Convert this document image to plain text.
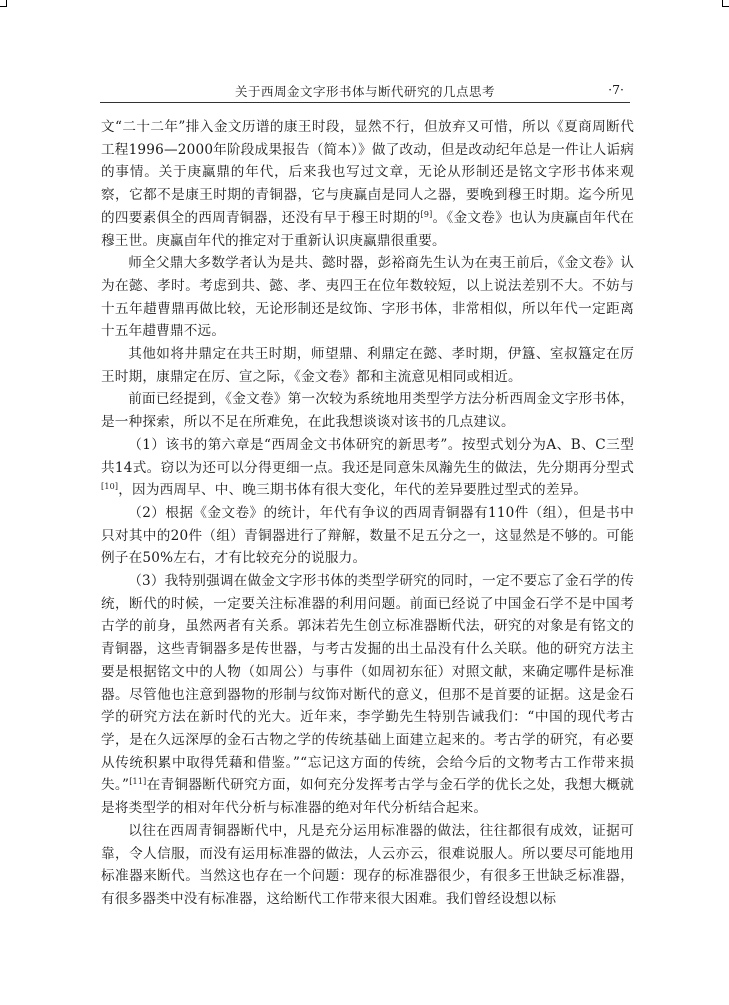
关于西周金文字形书体与断代研究的几点思考	·7·

文“二十二年”排入金文历谱的康王时段，显然不行，但放弃又可惜，所以《夏商周断代工程1996—2000年阶段成果报告（简本）》做了改动，但是改动纪年总是一件让人诟病的事情。关于庚赢鼎的年代，后来我也写过文章，无论从形制还是铭文字形书体来观察，它都不是康王时期的青铜器，它与庚赢卣是同人之器，要晚到穆王时期。迄今所见的四要素俱全的西周青铜器，还没有早于穆王时期的[9]。《金文卷》也认为庚赢卣年代在穆王世。庚赢卣年代的推定对于重新认识庚赢鼎很重要。

师全父鼎大多数学者认为是共、懿时器，彭裕商先生认为在夷王前后，《金文卷》认为在懿、孝时。考虑到共、懿、孝、夷四王在位年数较短，以上说法差别不大。不妨与十五年趞曹鼎再做比较，无论形制还是纹饰、字形书体，非常相似，所以年代一定距离十五年趞曹鼎不远。

其他如将井鼎定在共王时期，师望鼎、利鼎定在懿、孝时期，伊簋、室叔簋定在厉王时期，康鼎定在厉、宣之际，《金文卷》都和主流意见相同或相近。

前面已经提到，《金文卷》第一次较为系统地用类型学方法分析西周金文字形书体，是一种探索，所以不足在所难免，在此我想谈谈对该书的几点建议。

（1）该书的第六章是“西周金文书体研究的新思考”。按型式划分为A、B、C三型共14式。窃以为还可以分得更细一点。我还是同意朱凤瀚先生的做法，先分期再分型式[10]，因为西周早、中、晚三期书体有很大变化，年代的差异要胜过型式的差异。

（2）根据《金文卷》的统计，年代有争议的西周青铜器有110件（组），但是书中只对其中的20件（组）青铜器进行了辩解，数量不足五分之一，这显然是不够的。可能例子在50%左右，才有比较充分的说服力。

（3）我特别强调在做金文字形书体的类型学研究的同时，一定不要忘了金石学的传统，断代的时候，一定要关注标准器的利用问题。前面已经说了中国金石学不是中国考古学的前身，虽然两者有关系。郭沫若先生创立标准器断代法，研究的对象是有铭文的青铜器，这些青铜器多是传世器，与考古发掘的出土品没有什么关联。他的研究方法主要是根据铭文中的人物（如周公）与事件（如周初东征）对照文献，来确定哪件是标准器。尽管他也注意到器物的形制与纹饰对断代的意义，但那不是首要的证据。这是金石学的研究方法在新时代的光大。近年来，李学勤先生特别告诫我们：“中国的现代考古学，是在久远深厚的金石古物之学的传统基础上面建立起来的。考古学的研究，有必要从传统积累中取得凭藉和借鉴。”“忘记这方面的传统，会给今后的文物考古工作带来损失。”[11]在青铜器断代研究方面，如何充分发挥考古学与金石学的优长之处，我想大概就是将类型学的相对年代分析与标准器的绝对年代分析结合起来。

以往在西周青铜器断代中，凡是充分运用标准器的做法，往往都很有成效，证据可靠，令人信服，而没有运用标准器的做法，人云亦云，很难说服人。所以要尽可能地用标准器来断代。当然这也存在一个问题：现存的标准器很少，有很多王世缺乏标准器，有很多器类中没有标准器，这给断代工作带来很大困难。我们曾经设想以标
